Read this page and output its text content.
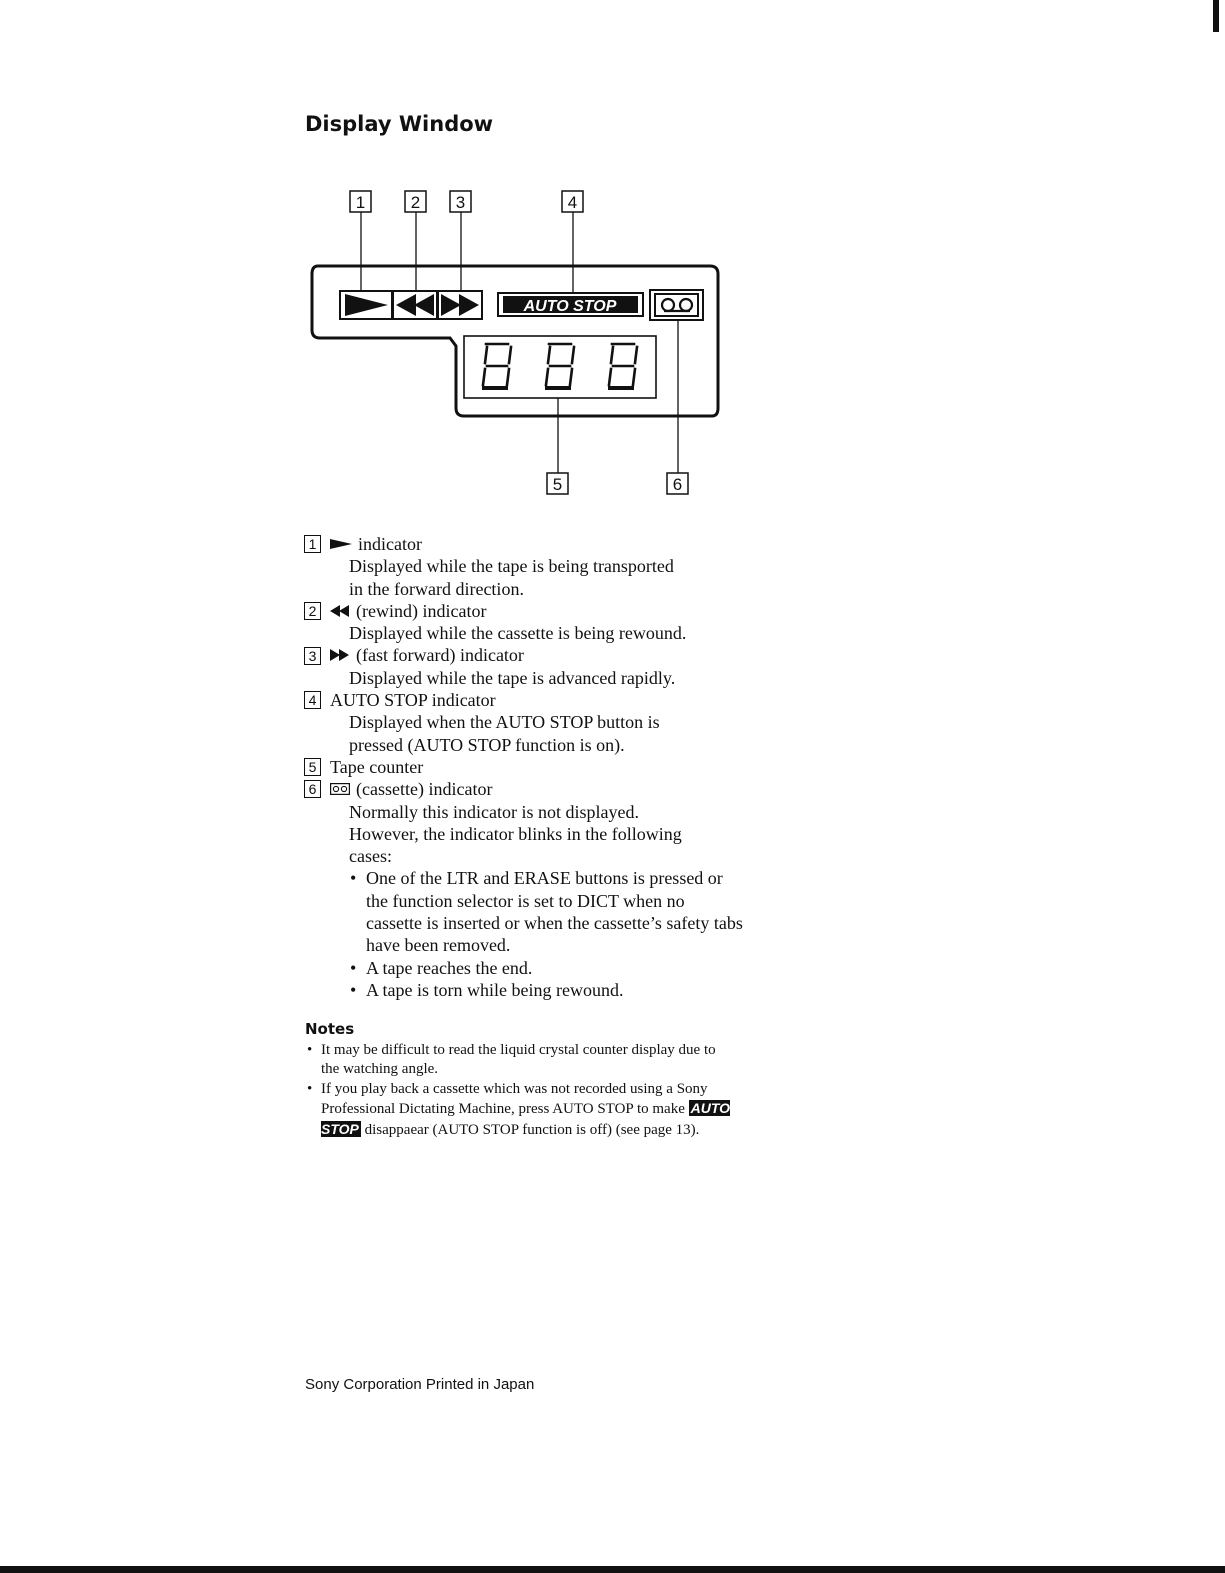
Display Window
1	2 3	4
AUTO STOP
5	6
1 indicator
Displayed while the tape is being transported
in the forward direction.
2 (rewind) indicator
Displayed while the cassette is being rewound.
3 (fast forward) indicator
Displayed while the tape is advanced rapidly.
4 AUTO STOP indicator
Displayed when the AUTO STOP button is
pressed (AUTO STOP function is on).
5 Tape counter
6 (cassette) indicator
Normally this indicator is not displayed.
However, the indicator blinks in the following
cases:
• One of the LTR and ERASE buttons is pressed or the function selector is set to DICT when no cassette is inserted or when the cassette’s safety tabs have been removed.
• A tape reaches the end.
• A tape is torn while being rewound.
Notes
• It may be difficult to read the liquid crystal counter display due to the watching angle.
• If you play back a cassette which was not recorded using a Sony Professional Dictating Machine, press AUTO STOP to make AUTO STOP disappaear (AUTO STOP function is off) (see page 13).
Sony Corporation Printed in Japan
